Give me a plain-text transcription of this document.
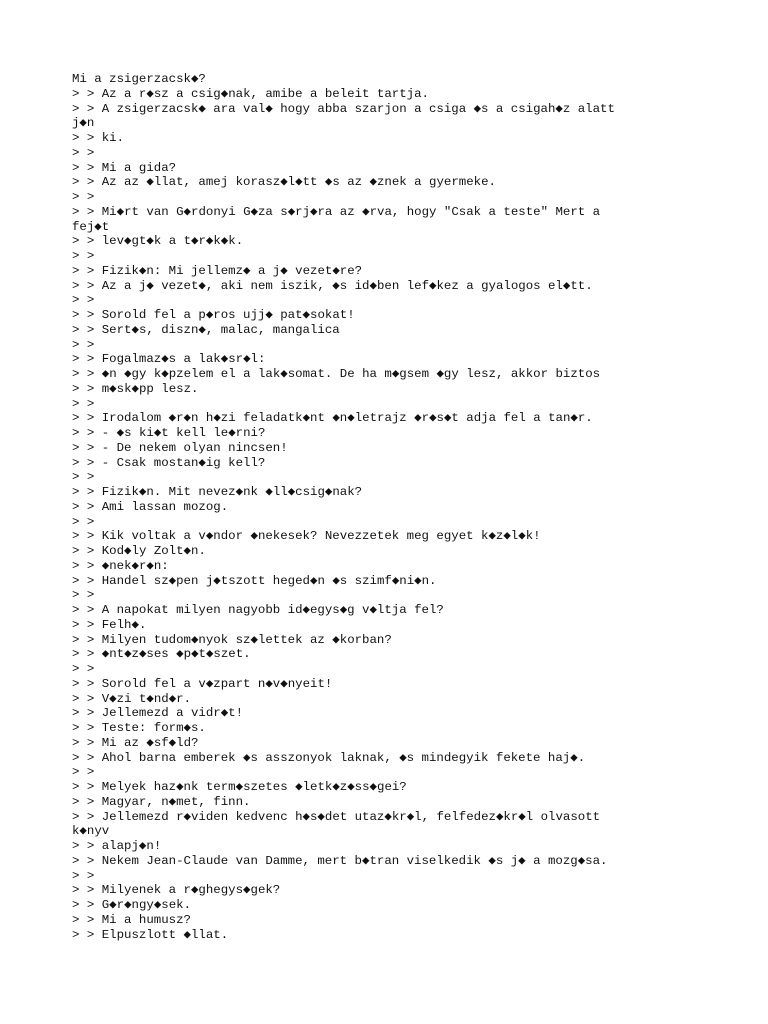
Mi a zsigerzacsk◆?
> > Az a r◆sz a csig◆nak, amibe a beleit tartja.
> > A zsigerzacsk◆ ara val◆ hogy abba szarjon a csiga ◆s a csigah◆z alatt
j◆n
> > ki.
> >
> > Mi a gida?
> > Az az ◆llat, amej korasz◆l◆tt ◆s az ◆znek a gyermeke.
> >
> > Mi◆rt van G◆rdonyi G◆za s◆rj◆ra az ◆rva, hogy "Csak a teste" Mert a
fej◆t
> > lev◆gt◆k a t◆r◆k◆k.
> >
> > Fizik◆n: Mi jellemz◆ a j◆ vezet◆re?
> > Az a j◆ vezet◆, aki nem iszik, ◆s id◆ben lef◆kez a gyalogos el◆tt.
> >
> > Sorold fel a p◆ros ujj◆ pat◆sokat!
> > Sert◆s, diszn◆, malac, mangalica
> >
> > Fogalmaz◆s a lak◆sr◆l:
> > ◆n ◆gy k◆pzelem el a lak◆somat. De ha m◆gsem ◆gy lesz, akkor biztos
> > m◆sk◆pp lesz.
> >
> > Irodalom ◆r◆n h◆zi feladatk◆nt ◆n◆letrajz ◆r◆s◆t adja fel a tan◆r.
> > - ◆s ki◆t kell le◆rni?
> > - De nekem olyan nincsen!
> > - Csak mostan◆ig kell?
> >
> > Fizik◆n. Mit nevez◆nk ◆ll◆csig◆nak?
> > Ami lassan mozog.
> >
> > Kik voltak a v◆ndor ◆nekesek? Nevezzetek meg egyet k◆z◆l◆k!
> > Kod◆ly Zolt◆n.
> > ◆nek◆r◆n:
> > Handel sz◆pen j◆tszott heged◆n ◆s szimf◆ni◆n.
> >
> > A napokat milyen nagyobb id◆egys◆g v◆ltja fel?
> > Felh◆.
> > Milyen tudom◆nyok sz◆lettek az ◆korban?
> > ◆nt◆z◆ses ◆p◆t◆szet.
> >
> > Sorold fel a v◆zpart n◆v◆nyeit!
> > V◆zi t◆nd◆r.
> > Jellemezd a vidr◆t!
> > Teste: form◆s.
> > Mi az ◆sf◆ld?
> > Ahol barna emberek ◆s asszonyok laknak, ◆s mindegyik fekete haj◆.
> >
> > Melyek haz◆nk term◆szetes ◆letk◆z◆ss◆gei?
> > Magyar, n◆met, finn.
> > Jellemezd r◆viden kedvenc h◆s◆det utaz◆kr◆l, felfedez◆kr◆l olvasott
k◆nyv
> > alapj◆n!
> > Nekem Jean-Claude van Damme, mert b◆tran viselkedik ◆s j◆ a mozg◆sa.
> >
> > Milyenek a r◆ghegys◆gek?
> > G◆r◆ngy◆sek.
> > Mi a humusz?
> > Elpuszlott ◆llat.
